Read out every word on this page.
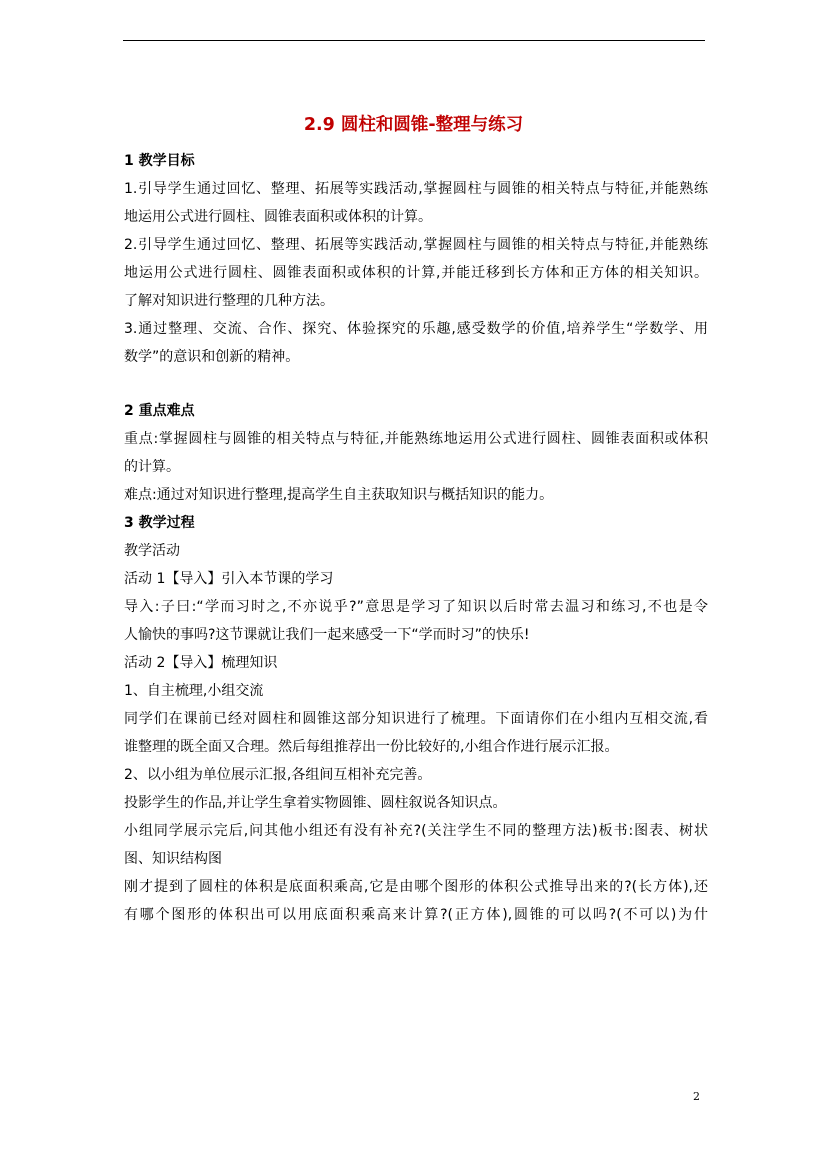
2.9 圆柱和圆锥-整理与练习
1 教学目标
1.引导学生通过回忆、整理、拓展等实践活动,掌握圆柱与圆锥的相关特点与特征,并能熟练
地运用公式进行圆柱、圆锥表面积或体积的计算。
2.引导学生通过回忆、整理、拓展等实践活动,掌握圆柱与圆锥的相关特点与特征,并能熟练
地运用公式进行圆柱、圆锥表面积或体积的计算,并能迁移到长方体和正方体的相关知识。
了解对知识进行整理的几种方法。
3.通过整理、交流、合作、探究、体验探究的乐趣,感受数学的价值,培养学生“学数学、用
数学”的意识和创新的精神。
2 重点难点
重点:掌握圆柱与圆锥的相关特点与特征,并能熟练地运用公式进行圆柱、圆锥表面积或体积
的计算。
难点:通过对知识进行整理,提高学生自主获取知识与概括知识的能力。
3 教学过程
教学活动
活动 1【导入】引入本节课的学习
导入:子曰:“学而习时之,不亦说乎?”意思是学习了知识以后时常去温习和练习,不也是令
人愉快的事吗?这节课就让我们一起来感受一下“学而时习”的快乐!
活动 2【导入】梳理知识
1、自主梳理,小组交流
同学们在课前已经对圆柱和圆锥这部分知识进行了梳理。下面请你们在小组内互相交流,看
谁整理的既全面又合理。然后每组推荐出一份比较好的,小组合作进行展示汇报。
2、以小组为单位展示汇报,各组间互相补充完善。
投影学生的作品,并让学生拿着实物圆锥、圆柱叙说各知识点。
小组同学展示完后,问其他小组还有没有补充?(关注学生不同的整理方法)板书:图表、树状
图、知识结构图
刚才提到了圆柱的体积是底面积乘高,它是由哪个图形的体积公式推导出来的?(长方体),还
有哪个图形的体积出可以用底面积乘高来计算?(正方体),圆锥的可以吗?(不可以)为什
2
